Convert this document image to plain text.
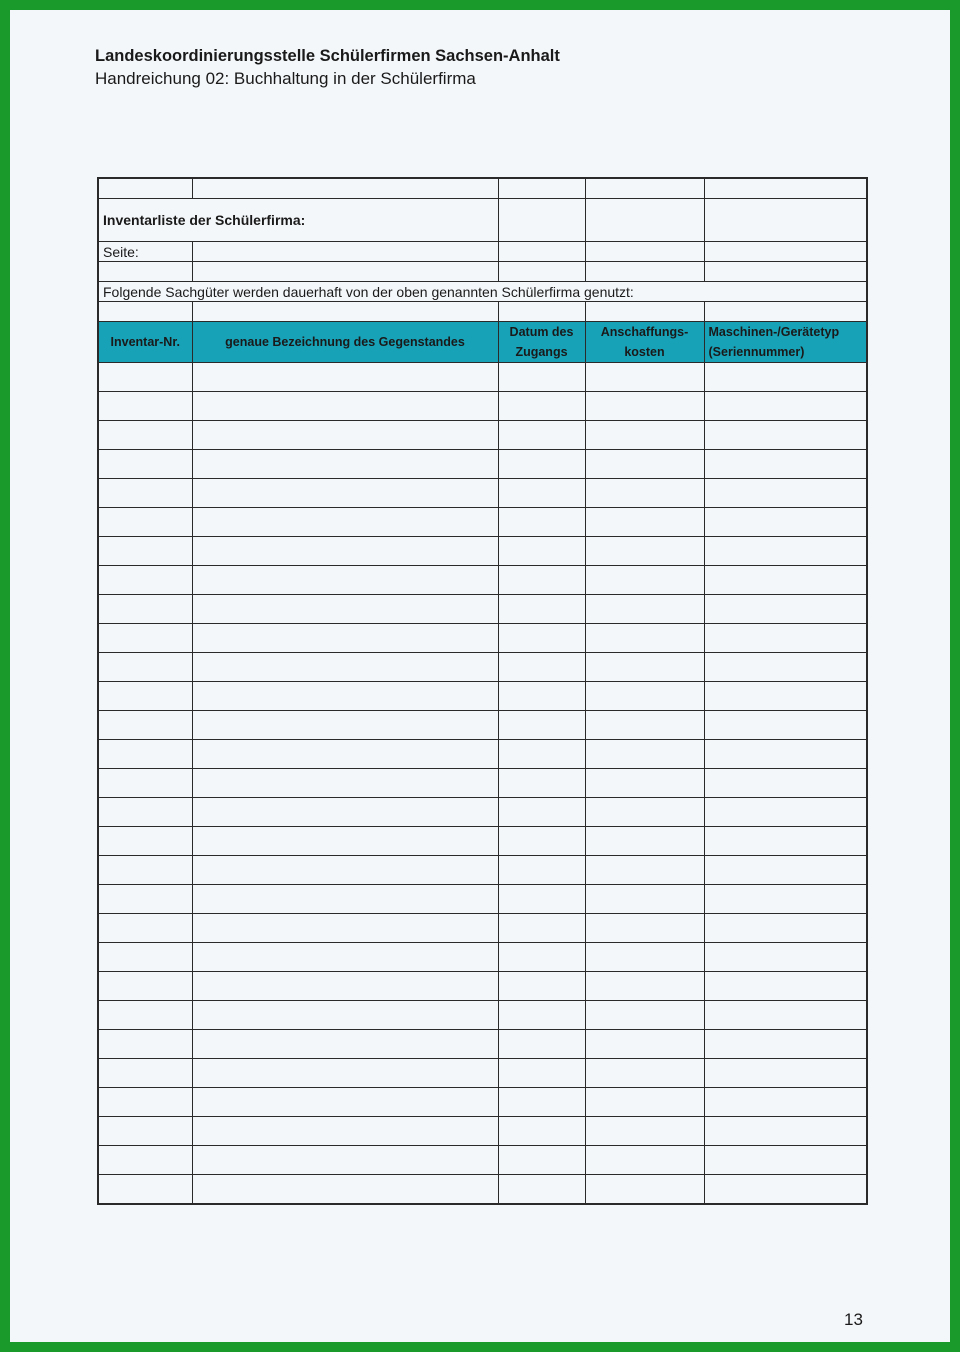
Landeskoordinierungsstelle Schülerfirmen Sachsen-Anhalt
Handreichung 02: Buchhaltung in der Schülerfirma

Inventarliste der Schülerfirma:				
Seite:				

Folgende Sachgüter werden dauerhaft von der oben genannten Schülerfirma genutzt:				

Inventar-Nr.	genaue Bezeichnung des Gegenstandes	Datum des Zugangs	Anschaffungs-kosten	Maschinen-/Gerätetyp (Seriennummer)

13
